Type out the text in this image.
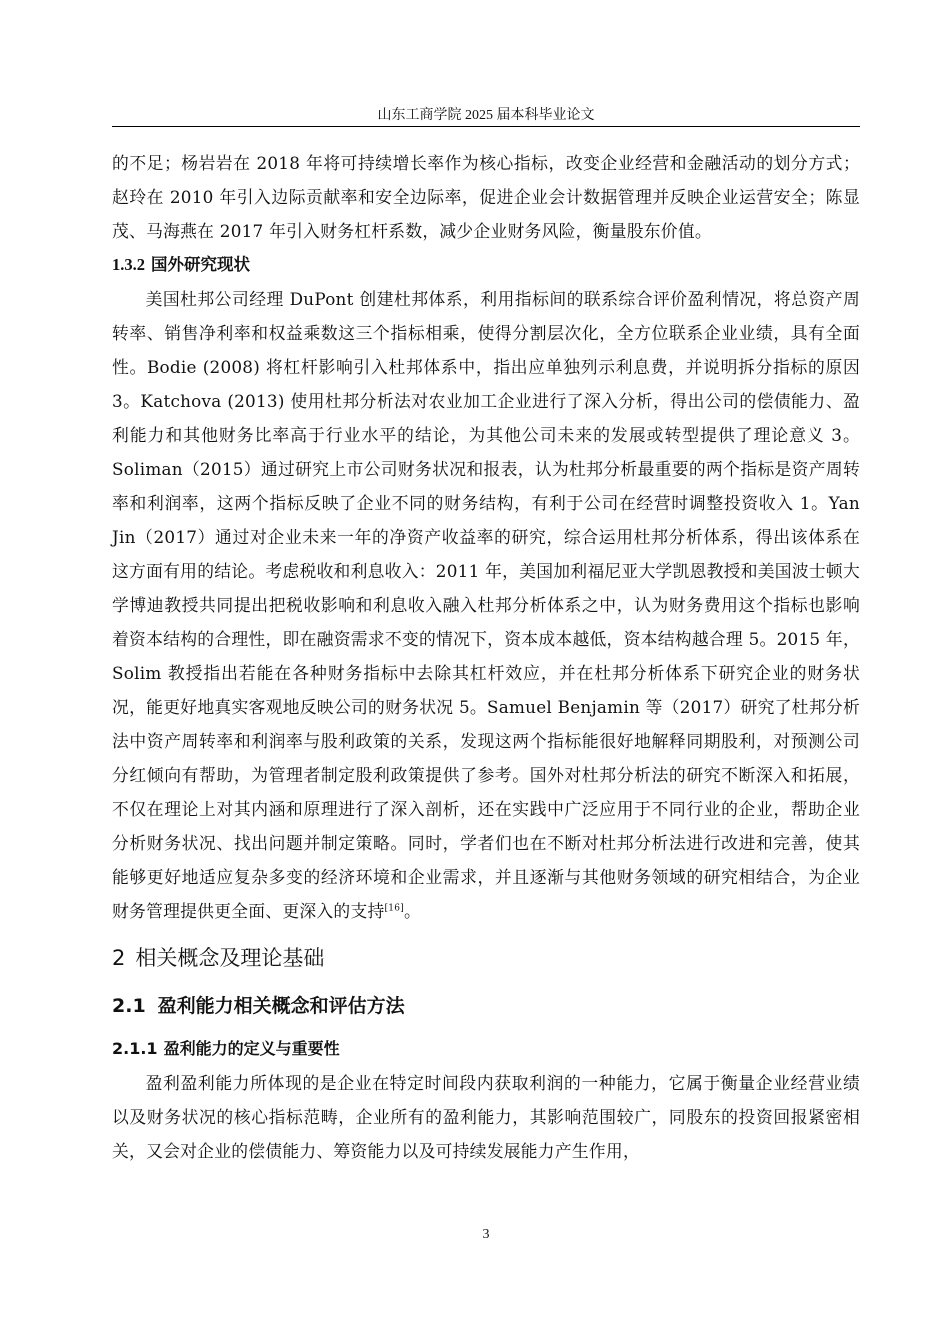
山东工商学院 2025 届本科毕业论文

的不足；杨岩岩在 2018 年将可持续增长率作为核心指标，改变企业经营和金融活动的划分方式；赵玲在 2010 年引入边际贡献率和安全边际率，促进企业会计数据管理并反映企业运营安全；陈显茂、马海燕在 2017 年引入财务杠杆系数，减少企业财务风险，衡量股东价值。

1.3.2 国外研究现状

美国杜邦公司经理 DuPont 创建杜邦体系，利用指标间的联系综合评价盈利情况，将总资产周转率、销售净利率和权益乘数这三个指标相乘，使得分割层次化，全方位联系企业业绩，具有全面性。Bodie (2008) 将杠杆影响引入杜邦体系中，指出应单独列示利息费，并说明拆分指标的原因 3。Katchova (2013) 使用杜邦分析法对农业加工企业进行了深入分析，得出公司的偿债能力、盈利能力和其他财务比率高于行业水平的结论，为其他公司未来的发展或转型提供了理论意义 3。Soliman（2015）通过研究上市公司财务状况和报表，认为杜邦分析最重要的两个指标是资产周转率和利润率，这两个指标反映了企业不同的财务结构，有利于公司在经营时调整投资收入 1。Yan Jin（2017）通过对企业未来一年的净资产收益率的研究，综合运用杜邦分析体系，得出该体系在这方面有用的结论。考虑税收和利息收入：2011 年，美国加利福尼亚大学凯恩教授和美国波士顿大学博迪教授共同提出把税收影响和利息收入融入杜邦分析体系之中，认为财务费用这个指标也影响着资本结构的合理性，即在融资需求不变的情况下，资本成本越低，资本结构越合理 5。2015 年，Solim 教授指出若能在各种财务指标中去除其杠杆效应，并在杜邦分析体系下研究企业的财务状况，能更好地真实客观地反映公司的财务状况 5。Samuel Benjamin 等（2017）研究了杜邦分析法中资产周转率和利润率与股利政策的关系，发现这两个指标能很好地解释同期股利，对预测公司分红倾向有帮助，为管理者制定股利政策提供了参考。国外对杜邦分析法的研究不断深入和拓展，不仅在理论上对其内涵和原理进行了深入剖析，还在实践中广泛应用于不同行业的企业，帮助企业分析财务状况、找出问题并制定策略。同时，学者们也在不断对杜邦分析法进行改进和完善，使其能够更好地适应复杂多变的经济环境和企业需求，并且逐渐与其他财务领域的研究相结合，为企业财务管理提供更全面、更深入的支持[16]。

2 相关概念及理论基础
2.1 盈利能力相关概念和评估方法
2.1.1 盈利能力的定义与重要性

盈利盈利能力所体现的是企业在特定时间段内获取利润的一种能力，它属于衡量企业经营业绩以及财务状况的核心指标范畴，企业所有的盈利能力，其影响范围较广，同股东的投资回报紧密相关，又会对企业的偿债能力、筹资能力以及可持续发展能力产生作用，

3
